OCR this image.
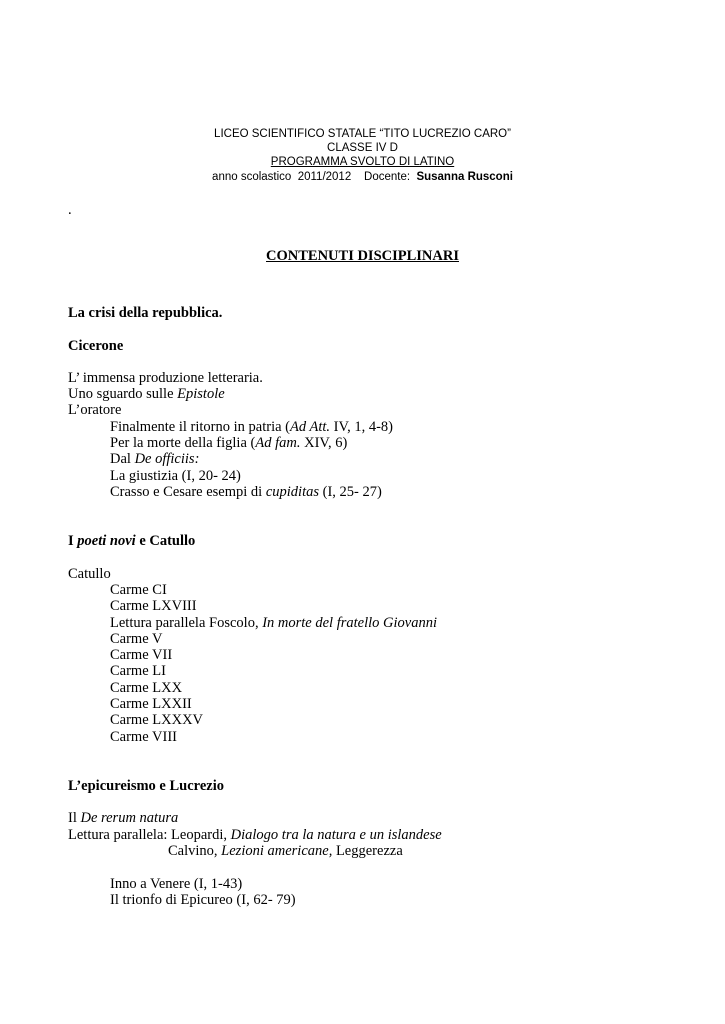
LICEO SCIENTIFICO STATALE “TITO LUCREZIO CARO”
CLASSE IV D
PROGRAMMA SVOLTO DI LATINO
anno scolastico 2011/2012 Docente: Susanna Rusconi
.
CONTENUTI DISCIPLINARI
La crisi della repubblica.
Cicerone
L’ immensa produzione letteraria.
Uno sguardo sulle Epistole
L’oratore
Finalmente il ritorno in patria (Ad Att. IV, 1, 4-8)
Per la morte della figlia (Ad fam. XIV, 6)
Dal De officiis:
La giustizia (I, 20- 24)
Crasso e Cesare esempi di cupiditas (I, 25- 27)
I poeti novi e Catullo
Catullo
Carme CI
Carme LXVIII
Lettura parallela Foscolo, In morte del fratello Giovanni
Carme V
Carme VII
Carme LI
Carme LXX
Carme LXXII
Carme LXXXV
Carme VIII
L’epicureismo e Lucrezio
Il De rerum natura
Lettura parallela: Leopardi, Dialogo tra la natura e un islandese
Calvino, Lezioni americane, Leggerezza
Inno a Venere (I, 1-43)
Il trionfo di Epicureo (I, 62- 79)
